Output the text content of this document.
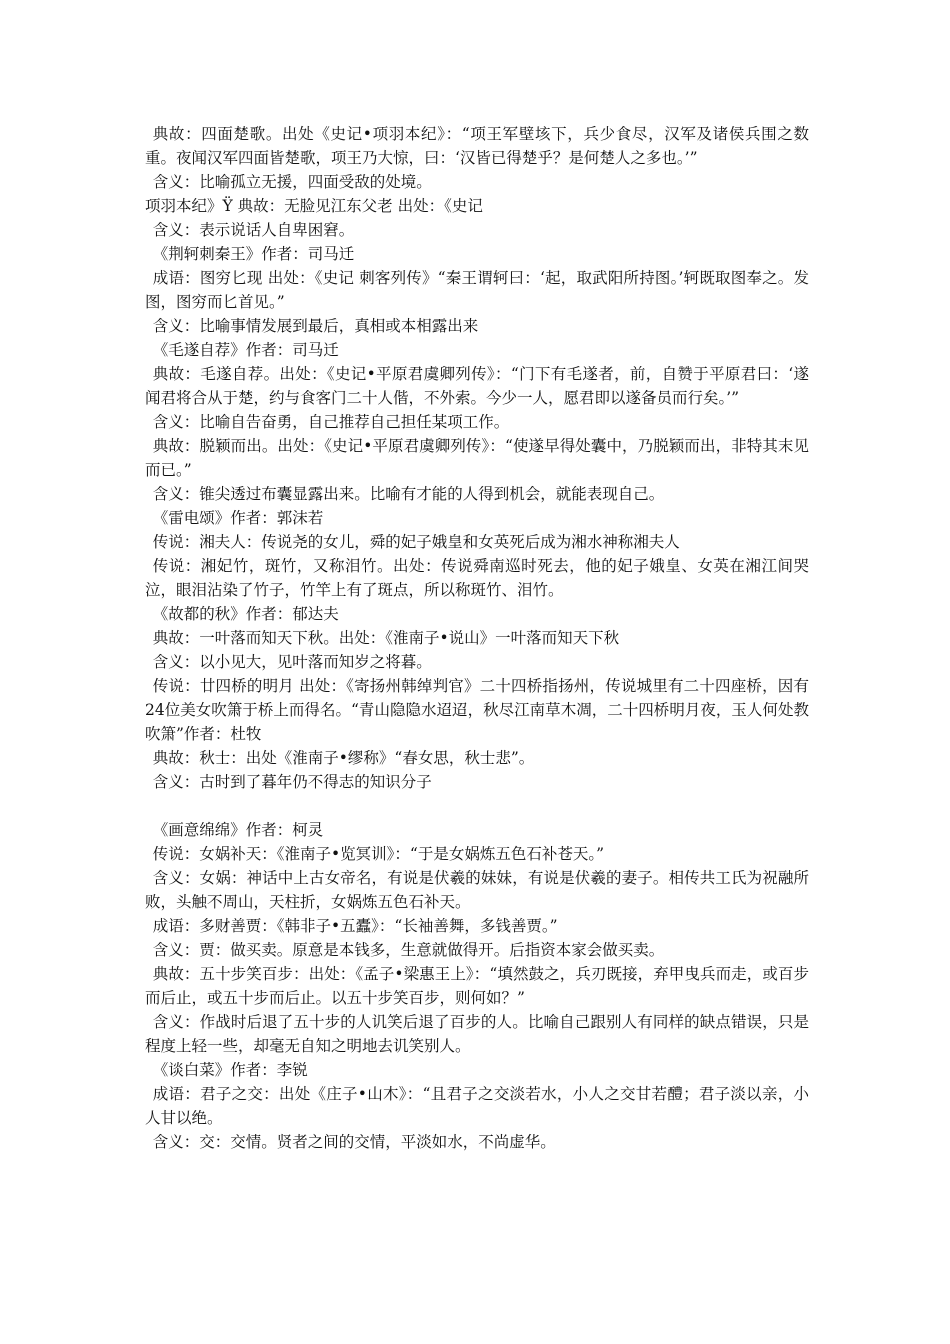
典故：四面楚歌。出处《史记•项羽本纪》：“项王军壁垓下，兵少食尽，汉军及诸侯兵围之数重。夜闻汉军四面皆楚歌，项王乃大惊，曰：‘汉皆已得楚乎？是何楚人之多也。’”

含义：比喻孤立无援，四面受敌的处境。

项羽本纪》Ÿ 典故：无脸见江东父老 出处：《史记

含义：表示说话人自卑困窘。

《荆轲刺秦王》作者：司马迁

成语：图穷匕现 出处：《史记 刺客列传》“秦王谓轲曰：‘起，取武阳所持图。’轲既取图奉之。发图，图穷而匕首见。”

含义：比喻事情发展到最后，真相或本相露出来

《毛遂自荐》作者：司马迁

典故：毛遂自荐。出处：《史记•平原君虞卿列传》：“门下有毛遂者，前，自赞于平原君曰：‘遂闻君将合从于楚，约与食客门二十人偕，不外索。今少一人，愿君即以遂备员而行矣。’”

含义：比喻自告奋勇，自己推荐自己担任某项工作。

典故：脱颖而出。出处：《史记•平原君虞卿列传》：“使遂早得处囊中，乃脱颖而出，非特其末见而已。”

含义：锥尖透过布囊显露出来。比喻有才能的人得到机会，就能表现自己。

《雷电颂》作者：郭沫若

传说：湘夫人：传说尧的女儿，舜的妃子娥皇和女英死后成为湘水神称湘夫人

传说：湘妃竹，斑竹，又称泪竹。出处：传说舜南巡时死去，他的妃子娥皇、女英在湘江间哭泣，眼泪沾染了竹子，竹竿上有了斑点，所以称斑竹、泪竹。

《故都的秋》作者：郁达夫

典故：一叶落而知天下秋。出处：《淮南子•说山》一叶落而知天下秋

含义：以小见大，见叶落而知岁之将暮。

传说：廿四桥的明月 出处：《寄扬州韩绰判官》二十四桥指扬州，传说城里有二十四座桥，因有24位美女吹箫于桥上而得名。“青山隐隐水迢迢，秋尽江南草木凋，二十四桥明月夜，玉人何处教吹箫”作者：杜牧

典故：秋士：出处《淮南子•缪称》“春女思，秋士悲”。

含义：古时到了暮年仍不得志的知识分子

《画意绵绵》作者：柯灵

传说：女娲补天：《淮南子•览冥训》：“于是女娲炼五色石补苍天。”

含义：女娲：神话中上古女帝名，有说是伏羲的妹妹，有说是伏羲的妻子。相传共工氏为祝融所败，头触不周山，天柱折，女娲炼五色石补天。

成语：多财善贾：《韩非子•五蠹》：“长袖善舞，多钱善贾。”

含义：贾：做买卖。原意是本钱多，生意就做得开。后指资本家会做买卖。

典故：五十步笑百步：出处：《孟子•梁惠王上》：“填然鼓之，兵刃既接，弃甲曳兵而走，或百步而后止，或五十步而后止。以五十步笑百步，则何如？”

含义：作战时后退了五十步的人讥笑后退了百步的人。比喻自己跟别人有同样的缺点错误，只是程度上轻一些，却毫无自知之明地去讥笑别人。

《谈白菜》作者：李锐

成语：君子之交：出处《庄子•山木》：“且君子之交淡若水，小人之交甘若醴；君子淡以亲，小人甘以绝。

含义：交：交情。贤者之间的交情，平淡如水，不尚虚华。
